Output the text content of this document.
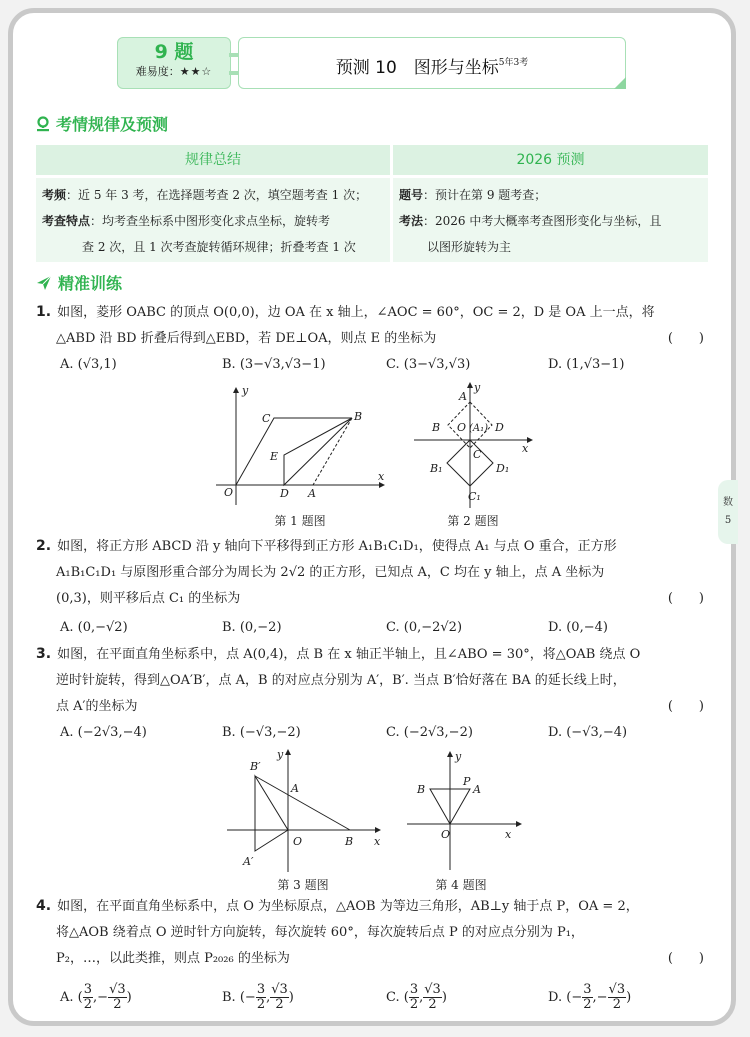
数
5
9 题
难易度：★★☆	预测 10　图形与坐标$^{5年3考}$
考情规律及预测
规律总结	2026 预测
考频：近 5 年 3 考，在选择题考查 2 次，填空题考查 1 次；
考查特点：均考查坐标系中图形变化求点坐标，旋转考
查 2 次，且 1 次考查旋转循环规律；折叠考查 1 次
题号：预计在第 9 题考查；
考法：2026 中考大概率考查图形变化与坐标，且
以图形旋转为主
精准训练
1. 如图，菱形 OABC 的顶点 O(0,0)，边 OA 在 x 轴上，∠AOC = 60°，OC = 2，D 是 OA 上一点，将
△ABD 沿 BD 折叠后得到△EBD，若 DE⊥OA，则点 E 的坐标为	(　　)
A. (√3,1)	B. (3−√3,√3−1)	C. (3−√3,√3)	D. (1,√3−1)
y
x
O	D A
C	B
E
第 1 题图
A
y
B O (A₁) D
x
C
B₁	D₁
C₁
第 2 题图
2. 如图，将正方形 ABCD 沿 y 轴向下平移得到正方形 A₁B₁C₁D₁，使得点 A₁ 与点 O 重合，正方形
A₁B₁C₁D₁ 与原图形重合部分为周长为 2√2 的正方形，已知点 A，C 均在 y 轴上，点 A 坐标为
(0,3)，则平移后点 C₁ 的坐标为	(　　)
A. (0,−√2)	B. (0,−2)	C. (0,−2√2)	D. (0,−4)
3. 如图，在平面直角坐标系中，点 A(0,4)，点 B 在 x 轴正半轴上，且∠ABO = 30°，将△OAB 绕点 O
逆时针旋转，得到△OA′B′，点 A，B 的对应点分别为 A′，B′. 当点 B′恰好落在 BA 的延长线上时，
点 A′的坐标为	(　　)
A. (−2√3,−4)	B. (−√3,−2)	C. (−2√3,−2)	D. (−√3,−4)
y
B′
A
O	B x
A′
第 3 题图
y
B
P
A
O	x
第 4 题图
4. 如图，在平面直角坐标系中，点 O 为坐标原点，△AOB 为等边三角形，AB⊥y 轴于点 P，OA = 2，
将△AOB 绕着点 O 逆时针方向旋转，每次旋转 60°，每次旋转后点 P 的对应点分别为 P₁，
P₂，…，以此类推，则点 P₂₀₂₆ 的坐标为	(　　)
A. ( $\frac{3}{2}$ ,− $\frac{√3}{2}$ )	B. (− $\frac{3}{2}$ , $\frac{√3}{2}$ )	C. ( $\frac{3}{2}$ , $\frac{√3}{2}$ )	D. (− $\frac{3}{2}$ ,− $\frac{√3}{2}$ )
